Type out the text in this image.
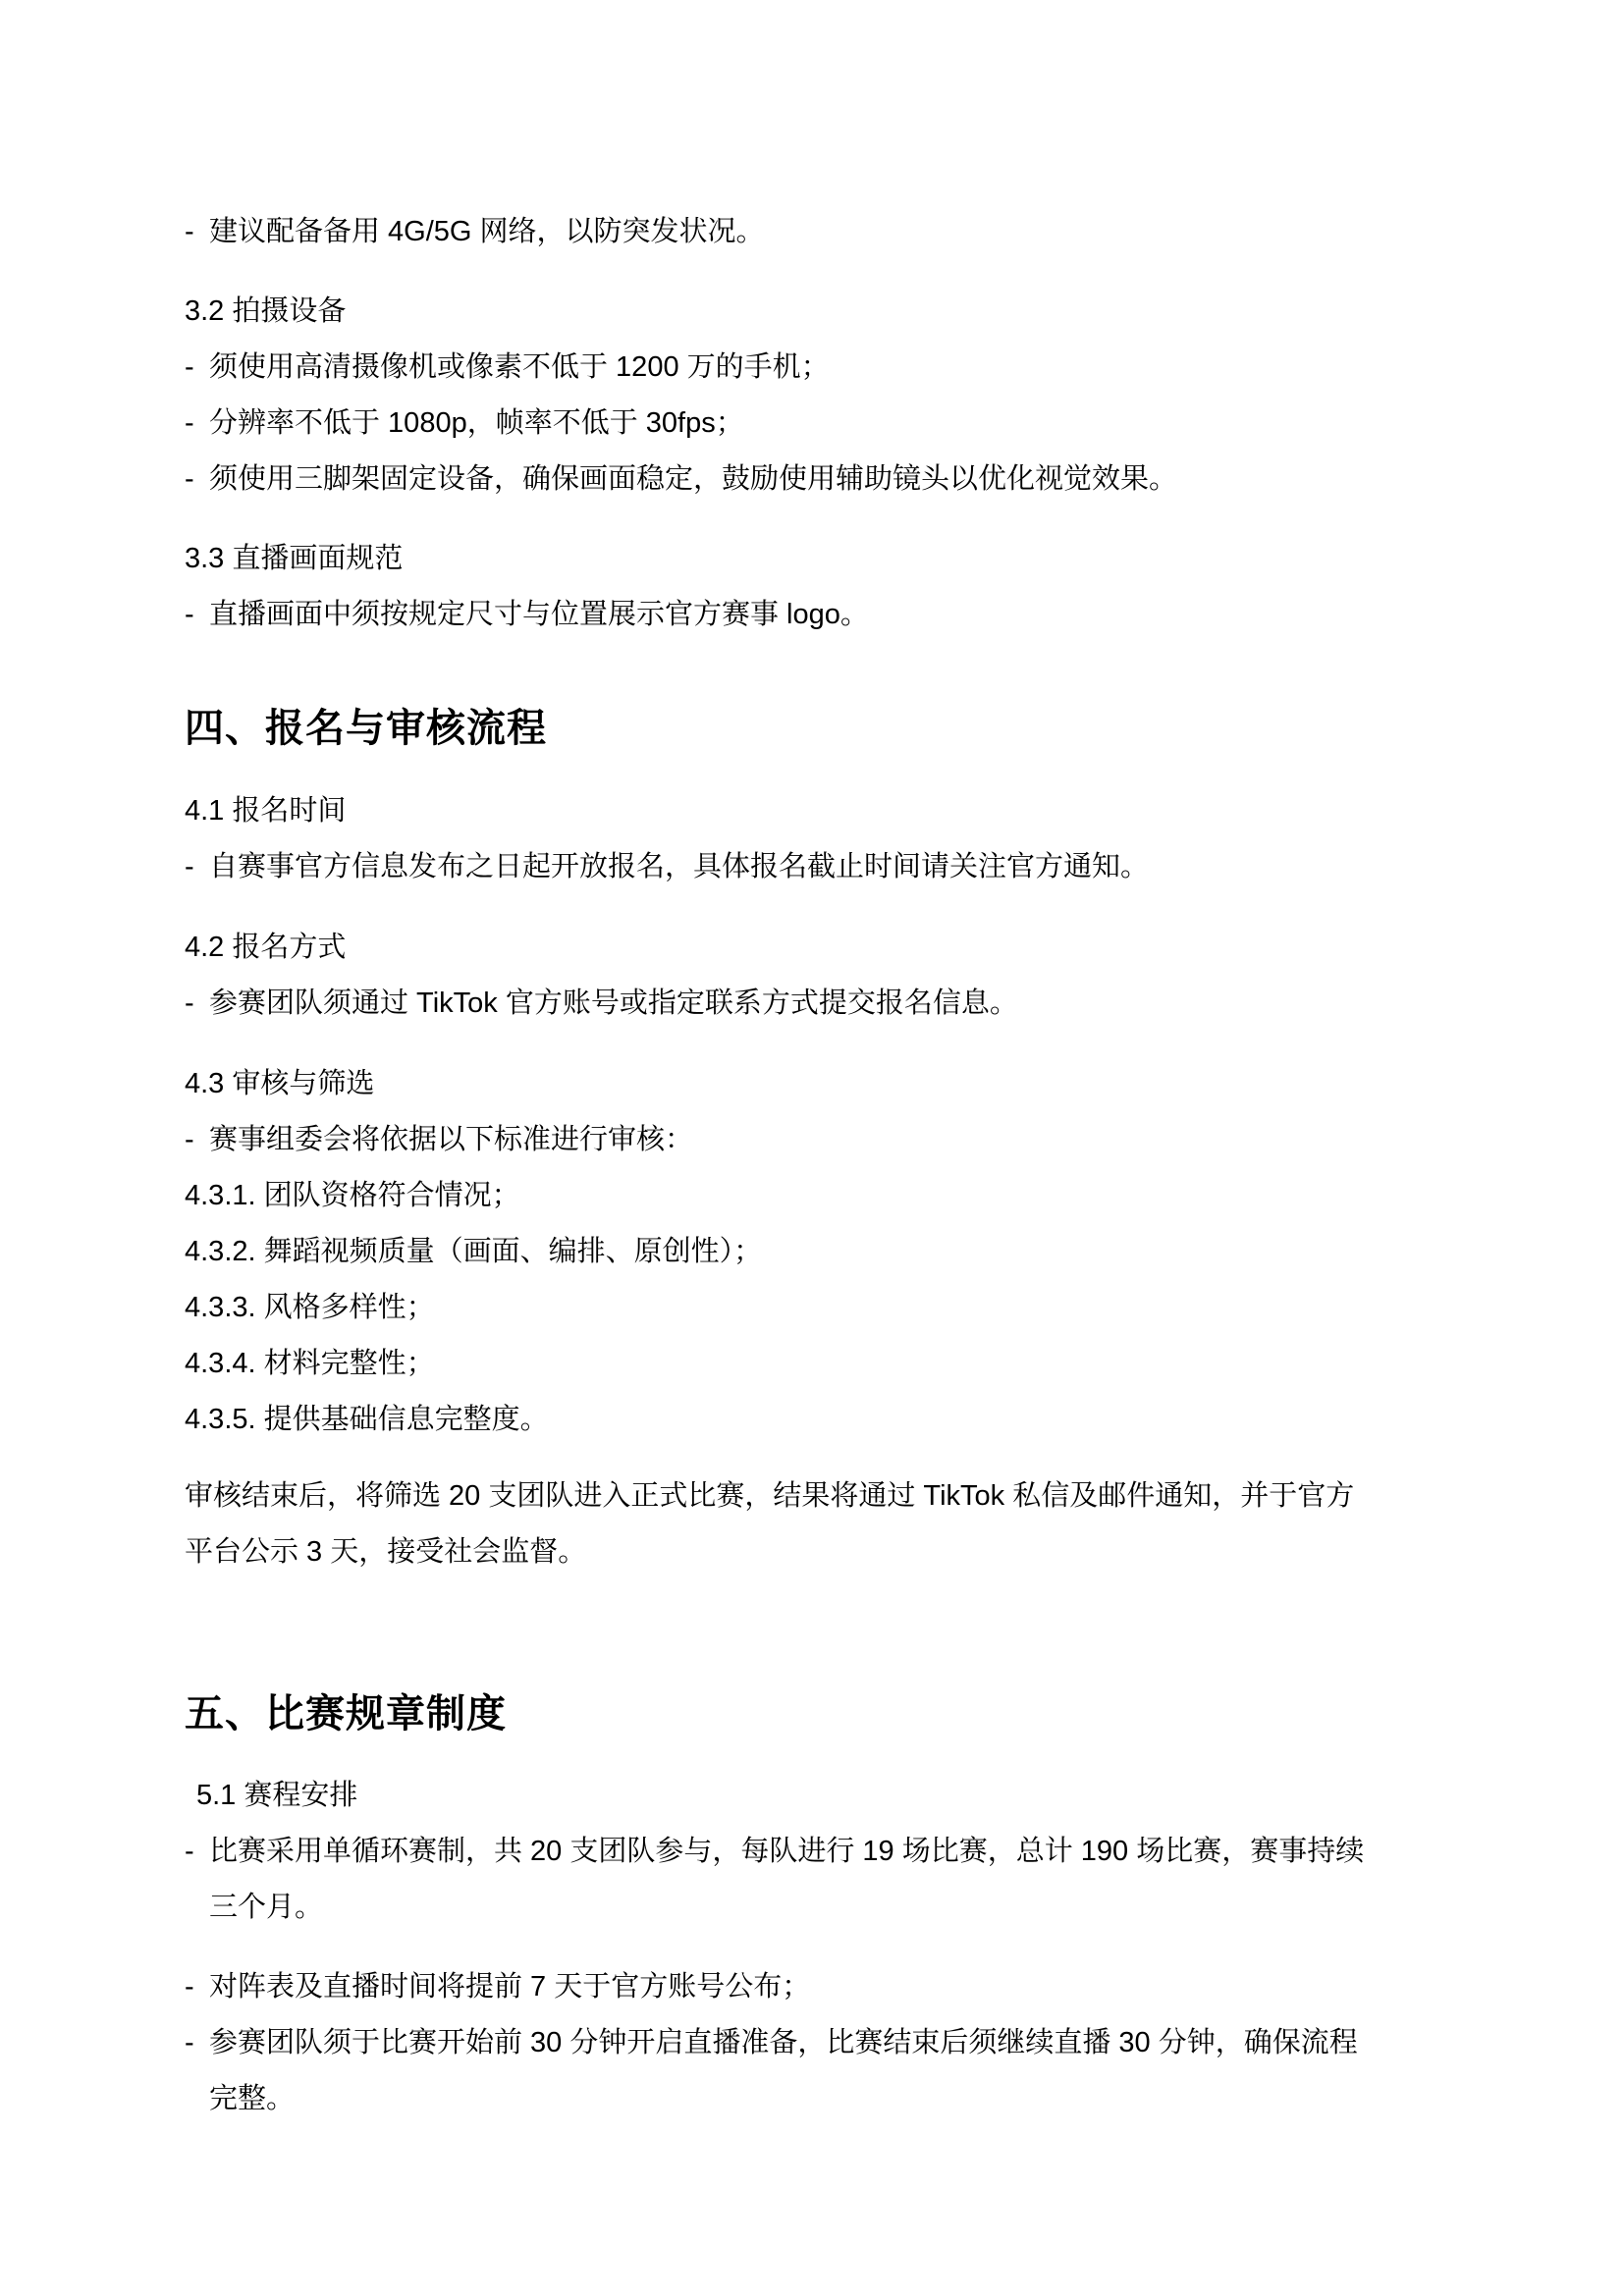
- 建议配备备用 4G/5G 网络，以防突发状况。
3.2 拍摄设备
- 须使用高清摄像机或像素不低于 1200 万的手机；
- 分辨率不低于 1080p，帧率不低于 30fps；
- 须使用三脚架固定设备，确保画面稳定，鼓励使用辅助镜头以优化视觉效果。
3.3 直播画面规范
- 直播画面中须按规定尺寸与位置展示官方赛事 logo。
四、报名与审核流程
4.1 报名时间
- 自赛事官方信息发布之日起开放报名，具体报名截止时间请关注官方通知。
4.2 报名方式
- 参赛团队须通过 TikTok 官方账号或指定联系方式提交报名信息。
4.3 审核与筛选
- 赛事组委会将依据以下标准进行审核：
4.3.1. 团队资格符合情况；
4.3.2. 舞蹈视频质量（画面、编排、原创性）；
4.3.3. 风格多样性；
4.3.4. 材料完整性；
4.3.5. 提供基础信息完整度。
审核结束后，将筛选 20 支团队进入正式比赛，结果将通过 TikTok 私信及邮件通知，并于官方
平台公示 3 天，接受社会监督。
五、比赛规章制度
5.1 赛程安排
- 比赛采用单循环赛制，共 20 支团队参与，每队进行 19 场比赛，总计 190 场比赛，赛事持续
三个月。
- 对阵表及直播时间将提前 7 天于官方账号公布；
- 参赛团队须于比赛开始前 30 分钟开启直播准备，比赛结束后须继续直播 30 分钟，确保流程
完整。
